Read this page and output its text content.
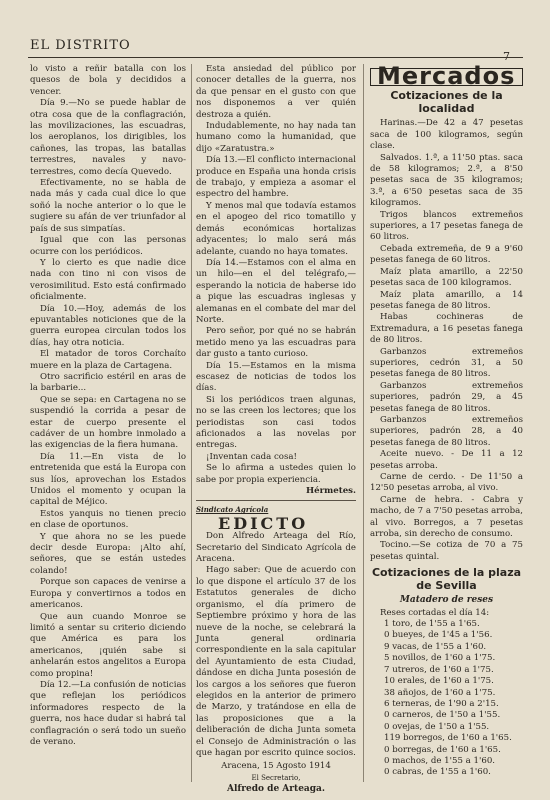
EL DISTRITO
7

lo visto a reñir batalla con los quesos de bola y decididos a vencer.

Día 9.—No se puede hablar de otra cosa que de la conflagración, las movilizaciones, las escuadras, los aeroplanos, los dirigibles, los cañones, las tropas, las batallas terrestres, navales y navo-terrestres, como decía Quevedo.

Efectivamente, no se habla de nada más y cada cual dice lo que soñó la noche anterior o lo que le sugiere su afán de ver triunfador al país de sus simpatías.

Igual que con las personas ocurre con los periódicos.

Y lo cierto es que nadie dice nada con tino ni con visos de verosimilitud. Esto está confirmado oficialmente.

Día 10.—Hoy, además de los epuvantables noticiones que de la guerra europea circulan todos los días, hay otra noticia.

El matador de toros Corchaíto muere en la plaza de Cartagena.

Otro sacrificio estéril en aras de la barbarie...

Que se sepa: en Cartagena no se suspendió la corrida a pesar de estar de cuerpo presente el cadáver de un hombre inmolado a las exigencias de la fiera humana.

Día 11.—En vista de lo entretenida que está la Europa con sus líos, aprovechan los Estados Unidos el momento y ocupan la capital de Méjico.

Estos yanquis no tienen precio en clase de oportunos.

Y que ahora no se les puede decir desde Europa: ¡Alto ahí, señores, que se están ustedes colando!

Porque son capaces de venirse a Europa y convertirnos a todos en americanos.

Que aun cuando Monroe se limitó a sentar su criterio diciendo que América es para los americanos, ¡quién sabe si anhelarán estos angelitos a Europa como propina!

Día 12.—La confusión de noticias que reflejan los periódicos informadores respecto de la guerra, nos hace dudar si habrá tal conflagración o será todo un sueño de verano.

Esta ansiedad del público por conocer detalles de la guerra, nos da que pensar en el gusto con que nos disponemos a ver quién destroza a quién.

Indudablemente, no hay nada tan humano como la humanidad, que dijo «Zaratustra.»

Día 13.—El conflicto internacional produce en España una honda crisis de trabajo, y empieza a asomar el espectro del hambre.

Y menos mal que todavía estamos en el apogeo del rico tomatillo y demás económicas hortalizas adyacentes; lo malo será más adelante, cuando no haya tomates.

Día 14.—Estamos con el alma en un hilo—en el del telégrafo,—esperando la noticia de haberse ido a pique las escuadras inglesas y alemanas en el combate del mar del Norte.

Pero señor, por qué no se habrán metido meno ya las escuadras para dar gusto a tanto curioso.

Día 15.—Estamos en la misma escasez de noticias de todos los días.

Si los periódicos traen algunas, no se las creen los lectores; que los periodistas son casi todos aficionados a las novelas por entregas.

¡Inventan cada cosa!

Se lo afirma a ustedes quien lo sabe por propia experiencia.

Hérmetes.

Sindicato Agrícola
EDICTO

Don Alfredo Arteaga del Río, Secretario del Sindicato Agrícola de Aracena.

Hago saber: Que de acuerdo con lo que dispone el artículo 37 de los Estatutos generales de dicho organismo, el día primero de Septiembre próximo y hora de las nueve de la noche, se celebrará la Junta general ordinaria correspondiente en la sala capitular del Ayuntamiento de esta Ciudad, dándose en dicha Junta posesión de los cargos a los señores que fueron elegidos en la anterior de primero de Marzo, y tratándose en ella de las proposiciones que a la deliberación de dicha Junta someta el Consejo de Administración o las que hagan por escrito quince socios.

Aracena, 15 Agosto 1914

El Secretario,
Alfredo de Arteaga.
Mercados
Cotizaciones de la localidad

Harinas.—De 42 a 47 pesetas saca de 100 kilogramos, según clase.

Salvados. 1.ª, a 11'50 ptas. saca de 58 kilogramos; 2.ª, a 8'50 pesetas saca de 35 kilogramos; 3.ª, a 6'50 pesetas saca de 35 kilogramos.

Trigos blancos extremeños superiores, a 17 pesetas fanega de 60 litros.

Cebada extremeña, de 9 a 9'60 pesetas fanega de 60 litros.

Maíz plata amarillo, a 22'50 pesetas saca de 100 kilogramos.

Maíz plata amarillo, a 14 pesetas fanega de 80 litros.

Habas cochineras de Extremadura, a 16 pesetas fanega de 80 litros.

Garbanzos extremeños superiores, cedrón 31, a 50 pesetas fanega de 80 litros.

Garbanzos extremeños superiores, padrón 29, a 45 pesetas fanega de 80 litros.

Garbanzos extremeños superiores, padrón 28, a 40 pesetas fanega de 80 litros.

Aceite nuevo. - De 11 a 12 pesetas arroba.

Carne de cerdo. - De 11'50 a 12'50 pesetas arroba, al vivo.

Carne de hebra. - Cabra y macho, de 7 a 7'50 pesetas arroba, al vivo. Borregos, a 7 pesetas arroba, sin derecho de consumo.

Tocino.—Se cotiza de 70 a 75 pesetas quintal.

Cotizaciones de la plaza de Sevilla
Matadero de reses

Reses cortadas el día 14:

1 toro, de 1'55 a 1'65.
0 bueyes, de 1'45 a 1'56.
9 vacas, de 1'55 a 1'60.
5 novillos, de 1'60 a 1'75.
7 utreros, de 1'60 a 1'75.
10 erales, de 1'60 a 1'75.
38 añojos, de 1'60 a 1'75.
6 terneras, de 1'90 a 2'15.
0 carneros, de 1'50 a 1'55.
0 ovejas, de 1'50 a 1'55.
119 borregos, de 1'60 a 1'65.
0 borregas, de 1'60 a 1'65.
0 machos, de 1'55 a 1'60.
0 cabras, de 1'55 a 1'60.
